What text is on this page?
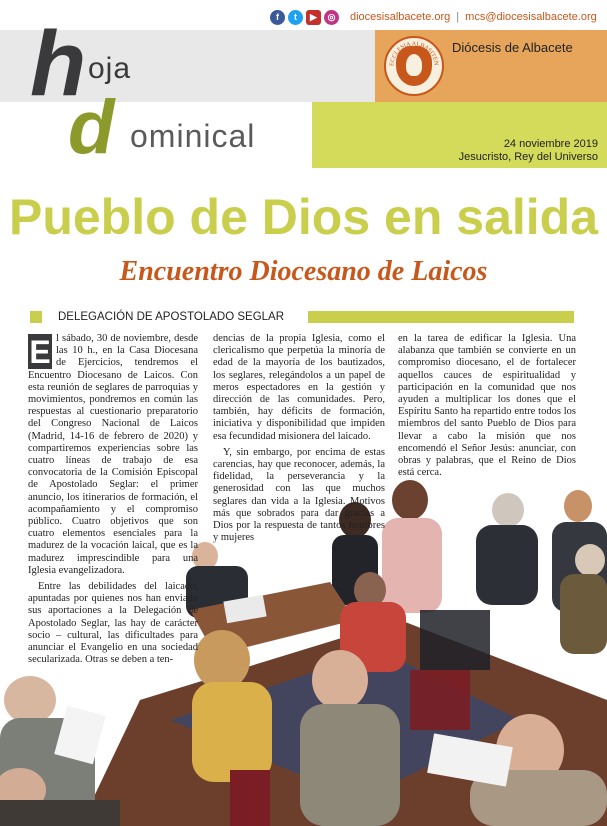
f	t	▶	◎	diocesisalbacete.org | mcs@diocesisalbacete.org
ECCLESIA ALBASITEN
Diócesis de Albacete
h oja
d ominical	24 noviembre 2019
Jesucristo, Rey del Universo
Pueblo de Dios en salida
Encuentro Diocesano de Laicos
DELEGACIÓN DE APOSTOLADO SEGLAR

E l sábado, 30 de noviembre, desde las 10 h., en la Casa Diocesana de Ejercicios, tendremos el Encuentro Diocesano de Laicos. Con esta reunión de seglares de parroquias y movimientos, pondremos en común las respuestas al cuestionario preparatorio del Congreso Nacional de Laicos (Madrid, 14-16 de febrero de 2020) y compartiremos experiencias sobre las cuatro líneas de trabajo de esa convocatoria de la Comisión Episcopal de Apostolado Seglar: el primer anuncio, los itinerarios de formación, el acompañamiento y el compromiso público. Cuatro objetivos que son cuatro elementos esenciales para la madurez de la vocación laical, que es la madurez imprescindible para una Iglesia evangelizadora.

Entre las debilidades del laicado, apuntadas por quienes nos han enviado sus aportaciones a la Delegación de Apostolado Seglar, las hay de carácter socio – cultural, las dificultades para anunciar el Evangelio en una sociedad secularizada. Otras se deben a ten-

dencias de la propia Iglesia, como el clericalismo que perpetúa la minoría de edad de la mayoría de los bautizados, los seglares, relegándolos a un papel de meros espectadores en la gestión y dirección de las comunidades. Pero, también, hay déficits de formación, iniciativa y disponibilidad que impiden esa fecundidad misionera del laicado.

Y, sin embargo, por encima de estas carencias, hay que reconocer, además, la fidelidad, la perseverancia y la generosidad con las que muchos seglares dan vida a la Iglesia. Motivos más que sobrados para dar gracias a Dios por la respuesta de tantos hombres y mujeres

en la tarea de edificar la Iglesia. Una alabanza que también se convierte en un compromiso diocesano, el de fortalecer aquellos cauces de espiritualidad y participación en la comunidad que nos ayuden a multiplicar los dones que el Espíritu Santo ha repartido entre todos los miembros del santo Pueblo de Dios para llevar a cabo la misión que nos encomendó el Señor Jesús: anunciar, con obras y palabras, que el Reino de Dios está cerca.
